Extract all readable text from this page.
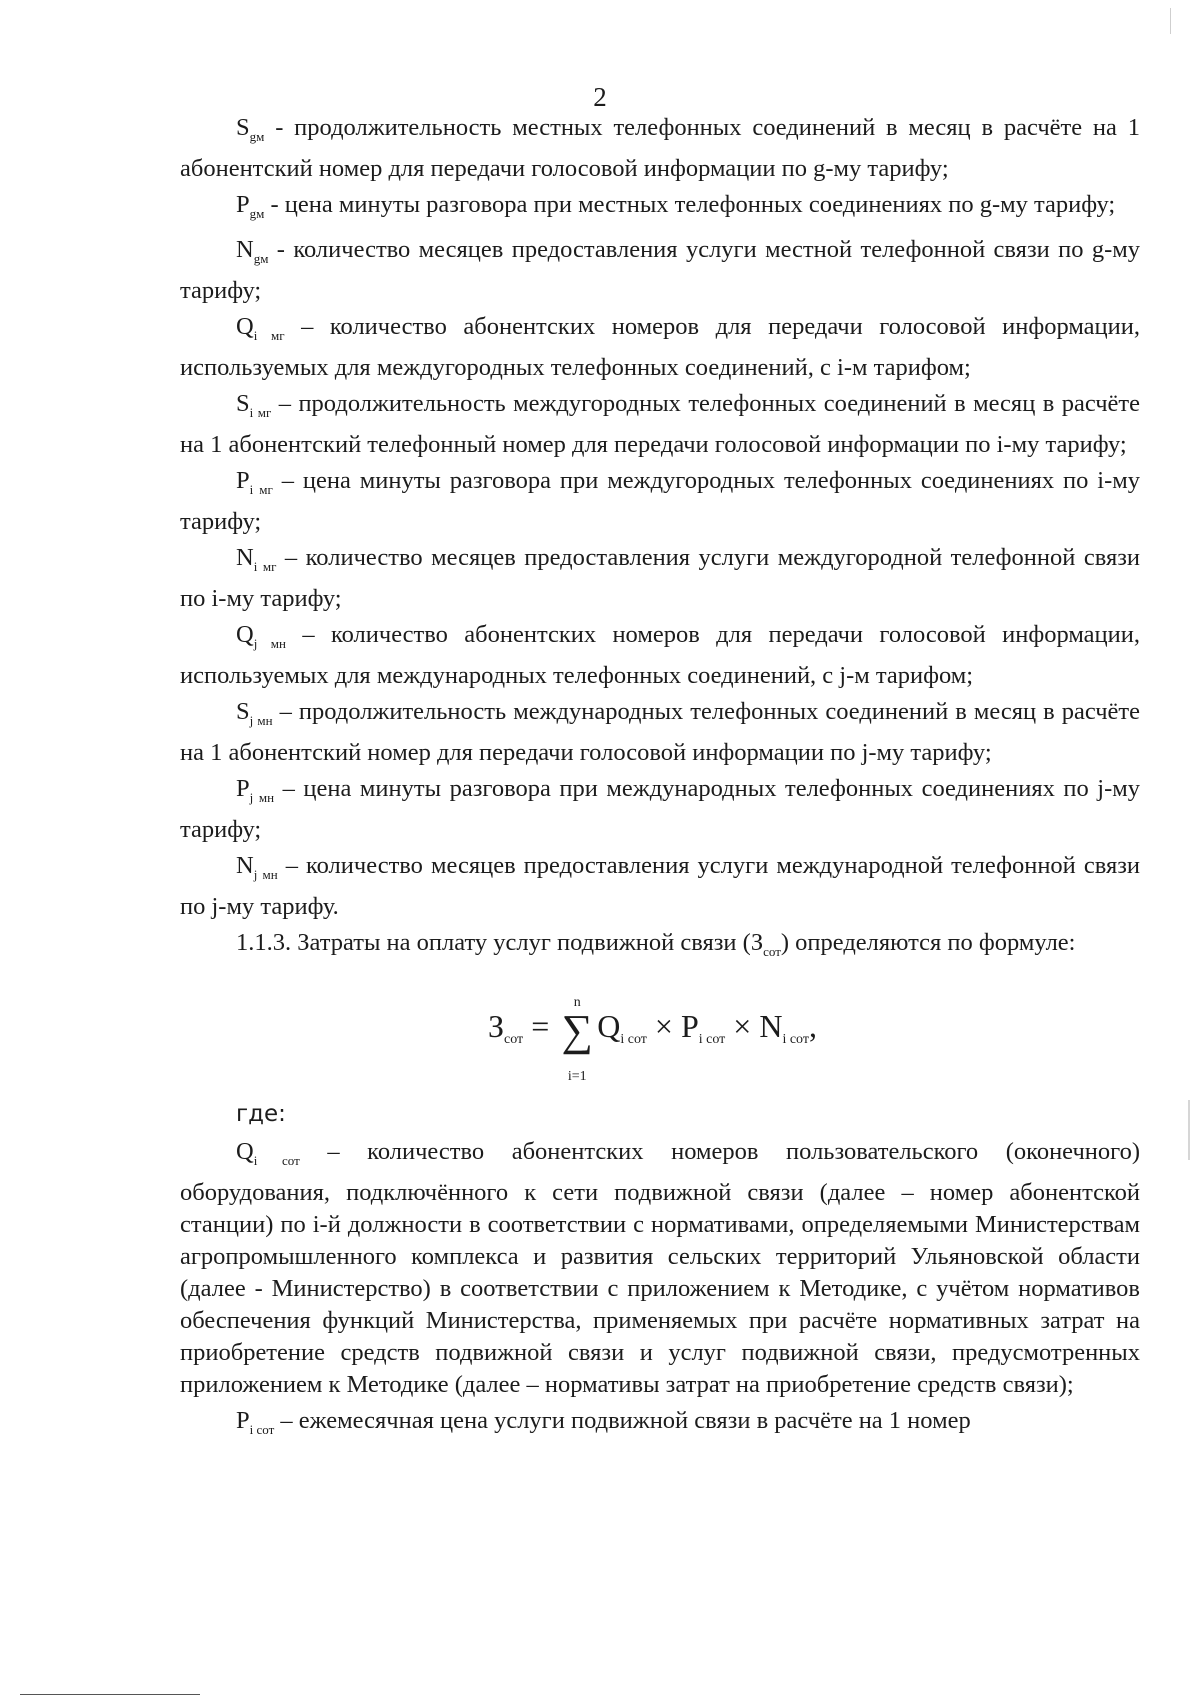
2

$S_{gм}$ - продолжительность местных телефонных соединений в месяц в расчёте на 1 абонентский номер для передачи голосовой информации по g-му тарифу;

$P_{gм}$ - цена минуты разговора при местных телефонных соединениях по g-му тарифу;

$N_{gм}$ - количество месяцев предоставления услуги местной телефонной связи по g-му тарифу;

$Q_{i мг}$ – количество абонентских номеров для передачи голосовой информации, используемых для междугородных телефонных соединений, с i-м тарифом;

$S_{i мг}$ – продолжительность междугородных телефонных соединений в месяц в расчёте на 1 абонентский телефонный номер для передачи голосовой информации по i-му тарифу;

$P_{i мг}$ – цена минуты разговора при междугородных телефонных соединениях по i-му тарифу;

$N_{i мг}$ – количество месяцев предоставления услуги междугородной телефонной связи по i-му тарифу;

$Q_{j мн}$ – количество абонентских номеров для передачи голосовой информации, используемых для международных телефонных соединений, с j-м тарифом;

$S_{j мн}$ – продолжительность международных телефонных соединений в месяц в расчёте на 1 абонентский номер для передачи голосовой информации по j-му тарифу;

$P_{j мн}$ – цена минуты разговора при международных телефонных соединениях по j-му тарифу;

$N_{j мн}$ – количество месяцев предоставления услуги международной телефонной связи по j-му тарифу.

1.1.3. Затраты на оплату услуг подвижной связи $(З_{сот})$ определяются по формуле:

Зсот = ∑
n
i=1
Qi сот × Pi сот × Ni сот,
где:

$Q_{i сот}$ – количество абонентских номеров пользовательского (оконечного) оборудования, подключённого к сети подвижной связи (далее – номер абонентской станции) по i-й должности в соответствии с нормативами, определяемыми Министерствам агропромышленного комплекса и развития сельских территорий Ульяновской области (далее - Министерство) в соответствии с приложением к Методике, с учётом нормативов обеспечения функций Министерства, применяемых при расчёте нормативных затрат на приобретение средств подвижной связи и услуг подвижной связи, предусмотренных приложением к Методике (далее – нормативы затрат на приобретение средств связи);

$P_{i сот}$ – ежемесячная цена услуги подвижной связи в расчёте на 1 номер
